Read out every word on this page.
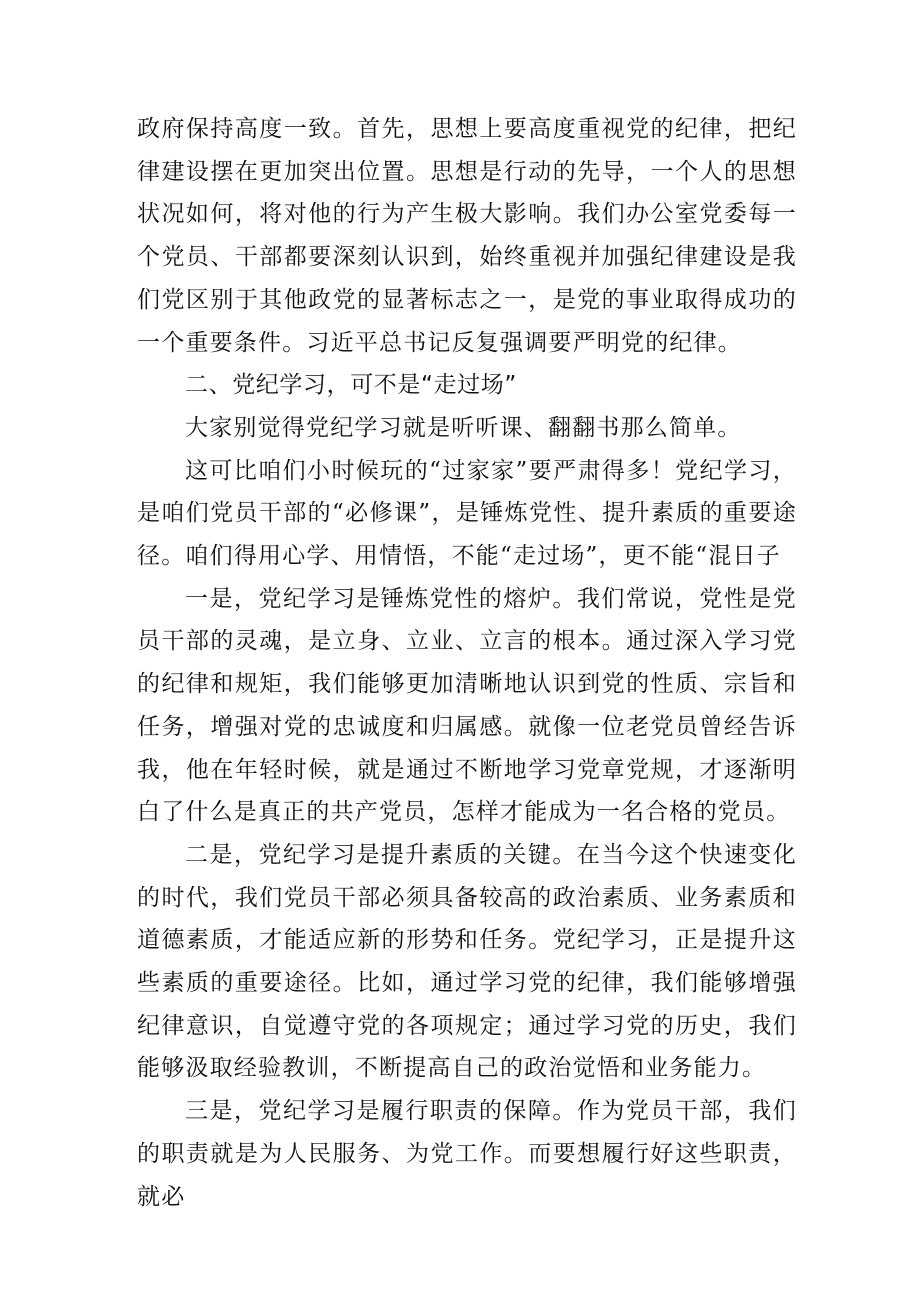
政府保持高度一致。首先，思想上要高度重视党的纪律，把纪律建设摆在更加突出位置。思想是行动的先导，一个人的思想状况如何，将对他的行为产生极大影响。我们办公室党委每一个党员、干部都要深刻认识到，始终重视并加强纪律建设是我们党区别于其他政党的显著标志之一，是党的事业取得成功的一个重要条件。习近平总书记反复强调要严明党的纪律。

二、党纪学习，可不是“走过场”

大家别觉得党纪学习就是听听课、翻翻书那么简单。

这可比咱们小时候玩的“过家家”要严肃得多！党纪学习，是咱们党员干部的“必修课”，是锤炼党性、提升素质的重要途径。咱们得用心学、用情悟，不能“走过场”，更不能“混日子

一是，党纪学习是锤炼党性的熔炉。我们常说，党性是党员干部的灵魂，是立身、立业、立言的根本。通过深入学习党的纪律和规矩，我们能够更加清晰地认识到党的性质、宗旨和任务，增强对党的忠诚度和归属感。就像一位老党员曾经告诉我，他在年轻时候，就是通过不断地学习党章党规，才逐渐明白了什么是真正的共产党员，怎样才能成为一名合格的党员。

二是，党纪学习是提升素质的关键。在当今这个快速变化的时代，我们党员干部必须具备较高的政治素质、业务素质和道德素质，才能适应新的形势和任务。党纪学习，正是提升这些素质的重要途径。比如，通过学习党的纪律，我们能够增强纪律意识，自觉遵守党的各项规定；通过学习党的历史，我们能够汲取经验教训，不断提高自己的政治觉悟和业务能力。

三是，党纪学习是履行职责的保障。作为党员干部，我们的职责就是为人民服务、为党工作。而要想履行好这些职责，就必
